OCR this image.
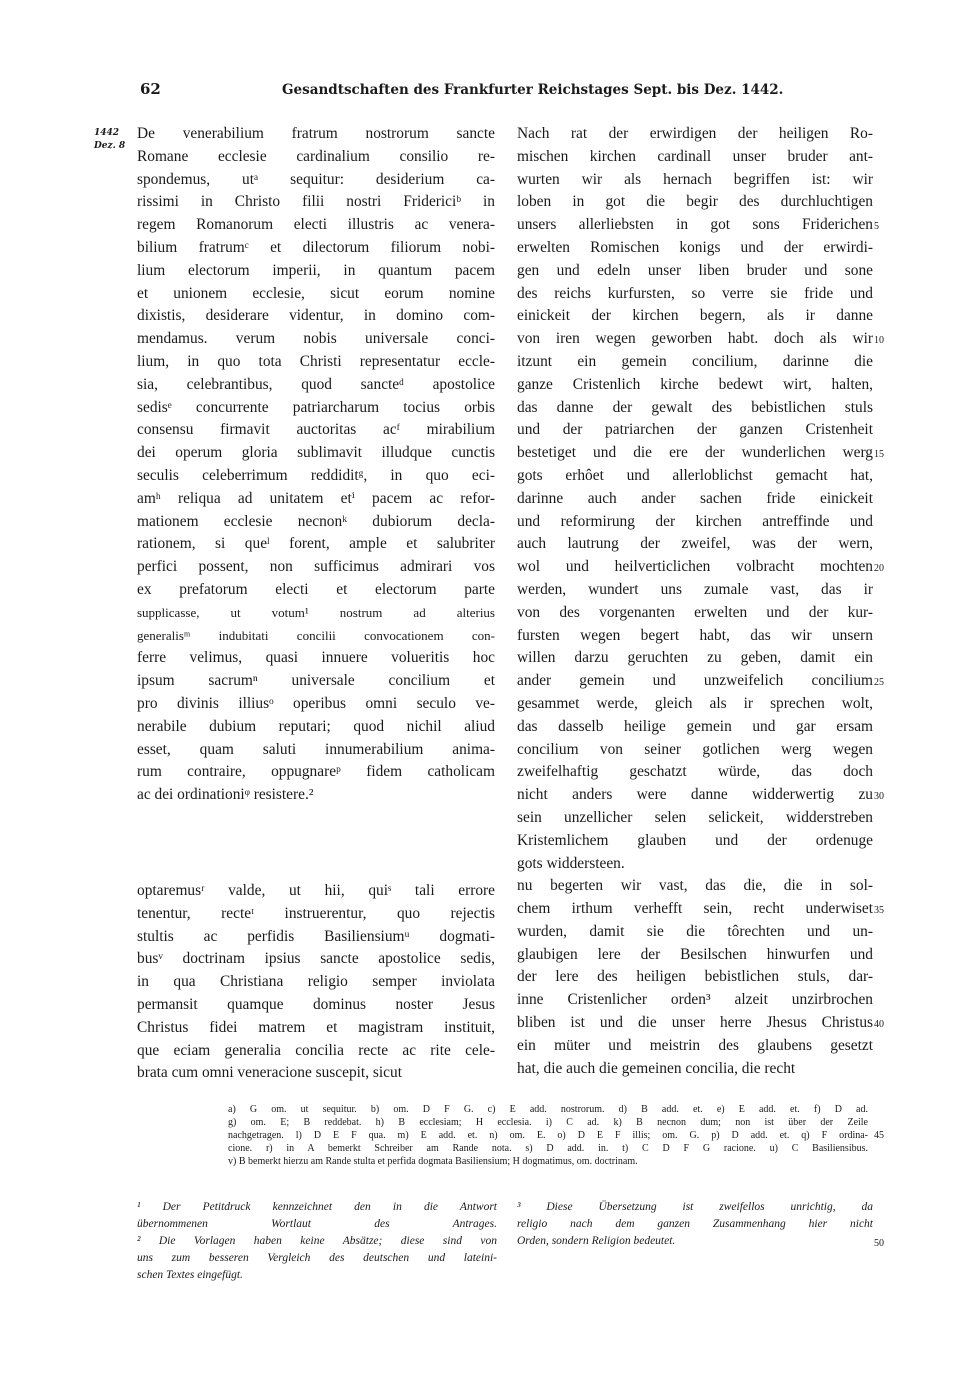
62	Gesandtschaften des Frankfurter Reichstages Sept. bis Dez. 1442.
1442
Dez. 8
De venerabilium fratrum nostrorum sancte
Romane ecclesie cardinalium consilio re-
spondemus, utᵃ sequitur: desiderium ca-
rissimi in Christo filii nostri Fridericiᵇ in
regem Romanorum electi illustris ac venera-
bilium fratrumᶜ et dilectorum filiorum nobi-
lium electorum imperii, in quantum pacem
et unionem ecclesie, sicut eorum nomine
dixistis, desiderare videntur, in domino com-
mendamus. verum nobis universale conci-
lium, in quo tota Christi representatur eccle-
sia, celebrantibus, quod sancteᵈ apostolice
sedisᵉ concurrente patriarcharum tocius orbis
consensu firmavit auctoritas acᶠ mirabilium
dei operum gloria sublimavit illudque cunctis
seculis celeberrimum reddiditᵍ, in quo eci-
amʰ reliqua ad unitatem etⁱ pacem ac refor-
mationem ecclesie necnonᵏ dubiorum decla-
rationem, si queˡ forent, ample et salubriter
perfici possent, non sufficimus admirari vos
ex prefatorum electi et electorum parte
supplicasse, ut votum¹ nostrum ad alterius
generalisᵐ indubitati concilii convocationem con-
ferre velimus, quasi innuere volueritis hoc
ipsum sacrumⁿ universale concilium et
pro divinis illiusᵒ operibus omni seculo ve-
nerabile dubium reputari; quod nichil aliud
esset, quam saluti innumerabilium anima-
rum contraire, oppugnareᵖ fidem catholicam
ac dei ordinationiᵠ resistere.²
optaremusʳ valde, ut hii, quiˢ tali errore
tenentur, recteᵗ instruerentur, quo rejectis
stultis ac perfidis Basiliensiumᵘ dogmati-
busᵛ doctrinam ipsius sancte apostolice sedis,
in qua Christiana religio semper inviolata
permansit quamque dominus noster Jesus
Christus fidei matrem et magistram instituit,
que eciam generalia concilia recte ac rite cele-
brata cum omni veneracione suscepit, sicut
Nach rat der erwirdigen der heiligen Ro-
mischen kirchen cardinall unser bruder ant-
wurten wir als hernach begriffen ist: wir
loben in got die begir des durchluchtigen
unsers allerliebsten in got sons Friderichen
erwelten Romischen konigs und der erwirdi-
gen und edeln unser liben bruder und sone
des reichs kurfursten, so verre sie fride und
einickeit der kirchen begern, als ir danne
von iren wegen geworben habt. doch als wir
itzunt ein gemein concilium, darinne die
ganze Cristenlich kirche bedewt wirt, halten,
das danne der gewalt des bebistlichen stuls
und der patriarchen der ganzen Cristenheit
bestetiget und die ere der wunderlichen werg
gots erhôet und allerloblichst gemacht hat,
darinne auch ander sachen fride einickeit
und reformirung der kirchen antreffinde und
auch lautrung der zweifel, was der wern,
wol und heilverticlichen volbracht mochten
werden, wundert uns zumale vast, das ir
von des vorgenanten erwelten und der kur-
fursten wegen begert habt, das wir unsern
willen darzu geruchten zu geben, damit ein
ander gemein und unzweifelich concilium
gesammet werde, gleich als ir sprechen wolt,
das dasselb heilige gemein und gar ersam
concilium von seiner gotlichen werg wegen
zweifelhaftig geschatzt würde, das doch
nicht anders were danne widderwertig zu
sein unzellicher selen selickeit, widderstreben
Kristemlichem glauben und der ordenuge
gots widdersteen.
nu begerten wir vast, das die, die in sol-
chem irthum verhefft sein, recht underwiset
wurden, damit sie die tôrechten und un-
glaubigen lere der Besilschen hinwurfen und
der lere des heiligen bebistlichen stuls, dar-
inne Cristenlicher orden³ alzeit unzirbrochen
bliben ist und die unser herre Jhesus Christus
ein müter und meistrin des glaubens gesetzt
hat, die auch die gemeinen concilia, die recht
5
10
15
20
25
30
35
40
45
50
a) G om. ut sequitur. b) om. D F G. c) E add. nostrorum. d) B add. et. e) E add. et. f) D ad.
g) om. E; B reddebat. h) B ecclesiam; H ecclesia. i) C ad. k) B necnon dum; non ist über der Zeile
nachgetragen. l) D E F qua. m) E add. et. n) om. E. o) D E F illis; om. G. p) D add. et. q) F ordina-
cione. r) in A bemerkt Schreiber am Rande nota. s) D add. in. t) C D F G racione. u) C Basiliensibus.
v) B bemerkt hierzu am Rande stulta et perfida dogmata Basiliensium; H dogmatimus, om. doctrinam.
¹ Der Petitdruck kennzeichnet den in die Antwort
übernommenen Wortlaut des Antrages.
² Die Vorlagen haben keine Absätze; diese sind von
uns zum besseren Vergleich des deutschen und lateini-
schen Textes eingefügt.
³ Diese Übersetzung ist zweifellos unrichtig, da
religio nach dem ganzen Zusammenhang hier nicht
Orden, sondern Religion bedeutet.
